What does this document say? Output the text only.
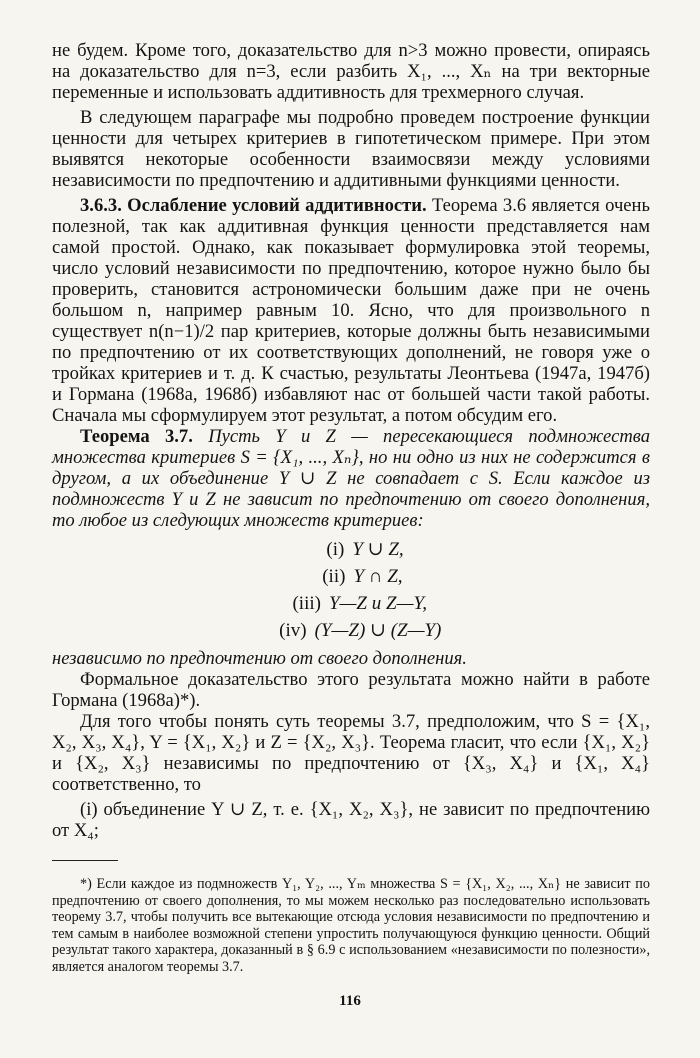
не будем. Кроме того, доказательство для n>3 можно провести, опираясь на доказательство для n=3, если разбить X₁, ..., Xₙ на три векторные переменные и использовать аддитивность для трехмерного случая.

В следующем параграфе мы подробно проведем построение функции ценности для четырех критериев в гипотетическом примере. При этом выявятся некоторые особенности взаимосвязи между условиями независимости по предпочтению и аддитивными функциями ценности.

3.6.3. Ослабление условий аддитивности. Теорема 3.6 является очень полезной, так как аддитивная функция ценности представляется нам самой простой. Однако, как показывает формулировка этой теоремы, число условий независимости по предпочтению, которое нужно было бы проверить, становится астрономически большим даже при не очень большом n, например равным 10. Ясно, что для произвольного n существует n(n−1)/2 пар критериев, которые должны быть независимыми по предпочтению от их соответствующих дополнений, не говоря уже о тройках критериев и т. д. К счастью, результаты Леонтьева (1947а, 1947б) и Гормана (1968а, 1968б) избавляют нас от большей части такой работы. Сначала мы сформулируем этот результат, а потом обсудим его.

Теорема 3.7. Пусть Y и Z — пересекающиеся подмножества множества критериев S = {X₁, ..., Xₙ}, но ни одно из них не содержится в другом, а их объединение Y ∪ Z не совпадает с S. Если каждое из подмножеств Y и Z не зависит по предпочтению от своего дополнения, то любое из следующих множеств критериев:

(i) Y ∪ Z,
(ii) Y ∩ Z,
(iii) Y—Z и Z—Y,
(iv) (Y—Z) ∪ (Z—Y)

независимо по предпочтению от своего дополнения.

Формальное доказательство этого результата можно найти в работе Гормана (1968а)*).

Для того чтобы понять суть теоремы 3.7, предположим, что S = {X₁, X₂, X₃, X₄}, Y = {X₁, X₂} и Z = {X₂, X₃}. Теорема гласит, что если {X₁, X₂} и {X₂, X₃} независимы по предпочтению от {X₃, X₄} и {X₁, X₄} соответственно, то

(i) объединение Y ∪ Z, т. е. {X₁, X₂, X₃}, не зависит по предпочтению от X₄;

*) Если каждое из подмножеств Y₁, Y₂, ..., Yₘ множества S = {X₁, X₂, ..., Xₙ} не зависит по предпочтению от своего дополнения, то мы можем несколько раз последовательно использовать теорему 3.7, чтобы получить все вытекающие отсюда условия независимости по предпочтению и тем самым в наиболее возможной степени упростить получающуюся функцию ценности. Общий результат такого характера, доказанный в § 6.9 с использованием «независимости по полезности», является аналогом теоремы 3.7.

116
